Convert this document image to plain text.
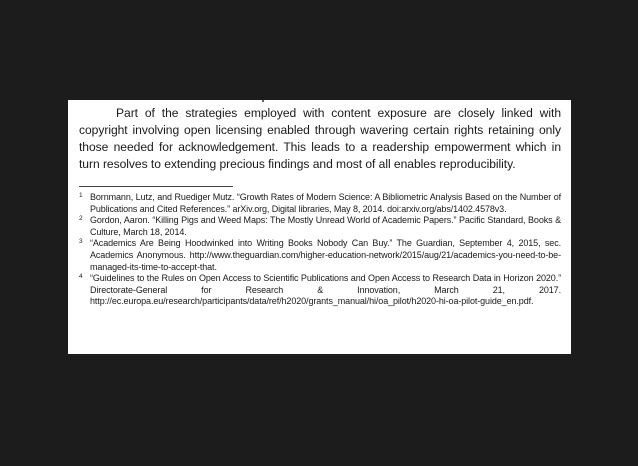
Part of the strategies employed with content exposure are closely linked with copyright involving open licensing enabled through wavering certain rights retaining only those needed for acknowledgement. This leads to a readership empowerment which in turn resolves to extending precious findings and most of all enables reproducibility.

1 Bornmann, Lutz, and Ruediger Mutz. “Growth Rates of Modern Science: A Bibliometric Analysis Based on the Number of Publications and Cited References.” arXiv.org, Digital libraries, May 8, 2014. doi:arxiv.org/abs/1402.4578v3.
2 Gordon, Aaron. “Killing Pigs and Weed Maps: The Mostly Unread World of Academic Papers.” Pacific Standard, Books & Culture, March 18, 2014.
3 “Academics Are Being Hoodwinked into Writing Books Nobody Can Buy.” The Guardian, September 4, 2015, sec. Academics Anonymous. http://www.theguardian.com/higher-education-network/2015/aug/21/academics-you-need-to-be-managed-its-time-to-accept-that.
4 “Guidelines to the Rules on Open Access to Scientific Publications and Open Access to Research Data in Horizon 2020.” Directorate-General for Research & Innovation, March 21, 2017. http://ec.europa.eu/research/participants/data/ref/h2020/grants_manual/hi/oa_pilot/h2020-hi-oa-pilot-guide_en.pdf.
